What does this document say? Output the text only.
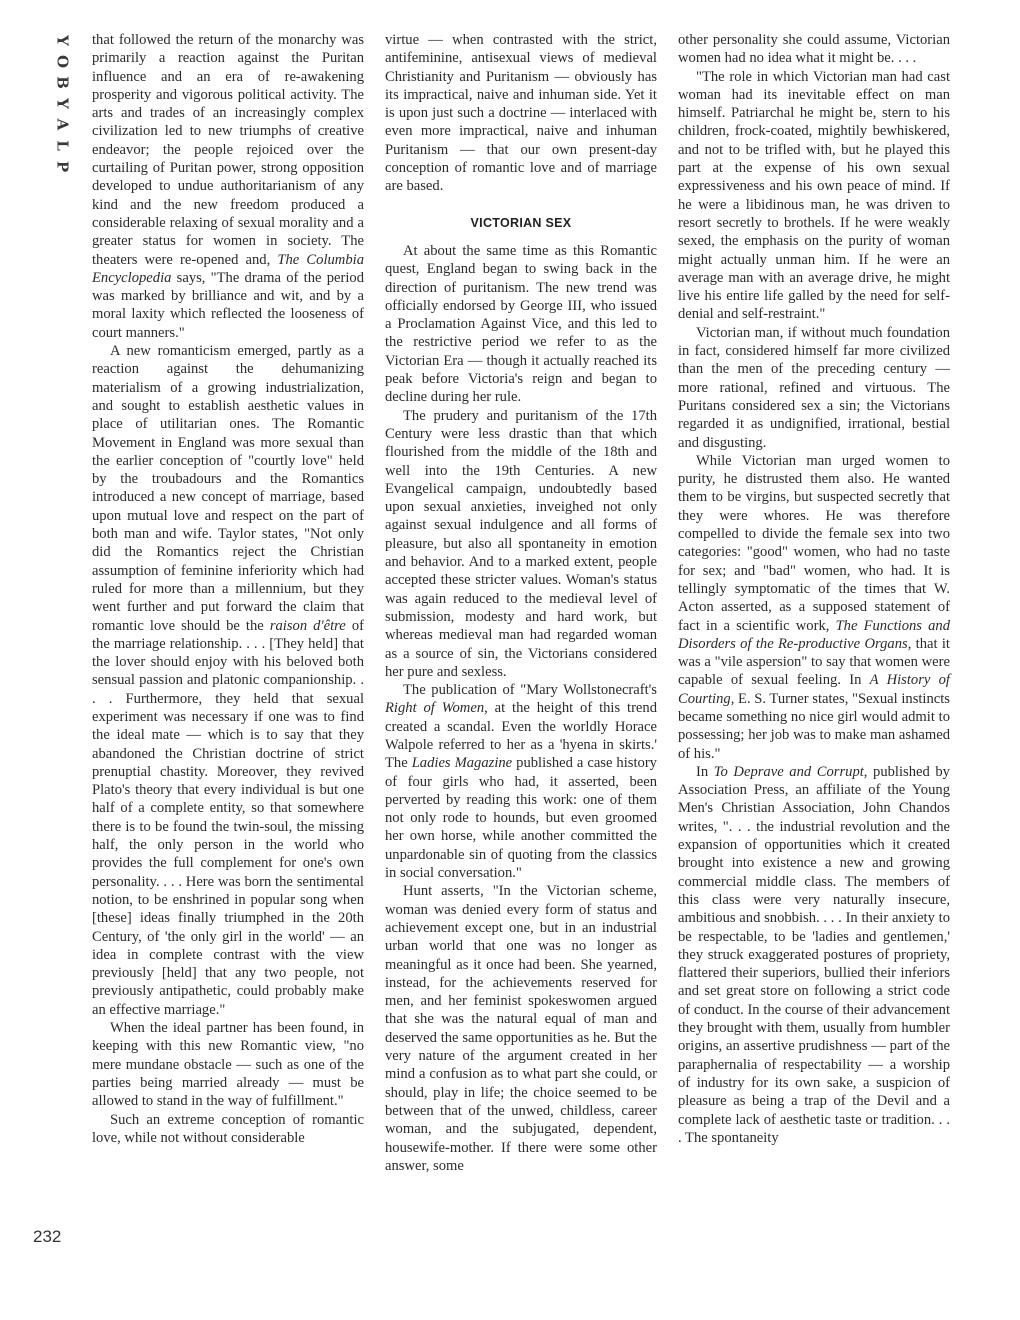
Y
O
B
Y
A
L
P
232

that followed the return of the monarchy was primarily a reaction against the Puritan influence and an era of re-awakening prosperity and vigorous political activity. The arts and trades of an increasingly complex civilization led to new triumphs of creative endeavor; the people rejoiced over the curtailing of Puritan power, strong opposition developed to undue authoritarianism of any kind and the new freedom produced a considerable relaxing of sexual morality and a greater status for women in society. The theaters were re-opened and, The Columbia Encyclopedia says, "The drama of the period was marked by brilliance and wit, and by a moral laxity which reflected the looseness of court manners."

A new romanticism emerged, partly as a reaction against the dehumanizing materialism of a growing industrialization, and sought to establish aesthetic values in place of utilitarian ones. The Romantic Movement in England was more sexual than the earlier conception of "courtly love" held by the troubadours and the Romantics introduced a new concept of marriage, based upon mutual love and respect on the part of both man and wife. Taylor states, "Not only did the Romantics reject the Christian assumption of feminine inferiority which had ruled for more than a millennium, but they went further and put forward the claim that romantic love should be the raison d'être of the marriage relationship. . . . [They held] that the lover should enjoy with his beloved both sensual passion and platonic companionship. . . . Furthermore, they held that sexual experiment was necessary if one was to find the ideal mate — which is to say that they abandoned the Christian doctrine of strict prenuptial chastity. Moreover, they revived Plato's theory that every individual is but one half of a complete entity, so that somewhere there is to be found the twin-soul, the missing half, the only person in the world who provides the full complement for one's own personality. . . . Here was born the sentimental notion, to be enshrined in popular song when [these] ideas finally triumphed in the 20th Century, of 'the only girl in the world' — an idea in complete contrast with the view previously [held] that any two people, not previously antipathetic, could probably make an effective marriage."

When the ideal partner has been found, in keeping with this new Romantic view, "no mere mundane obstacle — such as one of the parties being married already — must be allowed to stand in the way of fulfillment."

Such an extreme conception of romantic love, while not without considerable

virtue — when contrasted with the strict, antifeminine, antisexual views of medieval Christianity and Puritanism — obviously has its impractical, naive and inhuman side. Yet it is upon just such a doctrine — interlaced with even more impractical, naive and inhuman Puritanism — that our own present-day conception of romantic love and of marriage are based.

VICTORIAN SEX

At about the same time as this Romantic quest, England began to swing back in the direction of puritanism. The new trend was officially endorsed by George III, who issued a Proclamation Against Vice, and this led to the restrictive period we refer to as the Victorian Era — though it actually reached its peak before Victoria's reign and began to decline during her rule.

The prudery and puritanism of the 17th Century were less drastic than that which flourished from the middle of the 18th and well into the 19th Centuries. A new Evangelical campaign, undoubtedly based upon sexual anxieties, inveighed not only against sexual indulgence and all forms of pleasure, but also all spontaneity in emotion and behavior. And to a marked extent, people accepted these stricter values. Woman's status was again reduced to the medieval level of submission, modesty and hard work, but whereas medieval man had regarded woman as a source of sin, the Victorians considered her pure and sexless.

The publication of "Mary Wollstonecraft's Right of Women, at the height of this trend created a scandal. Even the worldly Horace Walpole referred to her as a 'hyena in skirts.' The Ladies Magazine published a case history of four girls who had, it asserted, been perverted by reading this work: one of them not only rode to hounds, but even groomed her own horse, while another committed the unpardonable sin of quoting from the classics in social conversation."

Hunt asserts, "In the Victorian scheme, woman was denied every form of status and achievement except one, but in an industrial urban world that one was no longer as meaningful as it once had been. She yearned, instead, for the achievements reserved for men, and her feminist spokeswomen argued that she was the natural equal of man and deserved the same opportunities as he. But the very nature of the argument created in her mind a confusion as to what part she could, or should, play in life; the choice seemed to be between that of the unwed, childless, career woman, and the subjugated, dependent, housewife-mother. If there were some other answer, some

other personality she could assume, Victorian women had no idea what it might be. . . .

"The role in which Victorian man had cast woman had its inevitable effect on man himself. Patriarchal he might be, stern to his children, frock-coated, mightily bewhiskered, and not to be trifled with, but he played this part at the expense of his own sexual expressiveness and his own peace of mind. If he were a libidinous man, he was driven to resort secretly to brothels. If he were weakly sexed, the emphasis on the purity of woman might actually unman him. If he were an average man with an average drive, he might live his entire life galled by the need for self-denial and self-restraint."

Victorian man, if without much foundation in fact, considered himself far more civilized than the men of the preceding century — more rational, refined and virtuous. The Puritans considered sex a sin; the Victorians regarded it as undignified, irrational, bestial and disgusting.

While Victorian man urged women to purity, he distrusted them also. He wanted them to be virgins, but suspected secretly that they were whores. He was therefore compelled to divide the female sex into two categories: "good" women, who had no taste for sex; and "bad" women, who had. It is tellingly symptomatic of the times that W. Acton asserted, as a supposed statement of fact in a scientific work, The Functions and Disorders of the Re-productive Organs, that it was a "vile aspersion" to say that women were capable of sexual feeling. In A History of Courting, E. S. Turner states, "Sexual instincts became something no nice girl would admit to possessing; her job was to make man ashamed of his."

In To Deprave and Corrupt, published by Association Press, an affiliate of the Young Men's Christian Association, John Chandos writes, ". . . the industrial revolution and the expansion of opportunities which it created brought into existence a new and growing commercial middle class. The members of this class were very naturally insecure, ambitious and snobbish. . . . In their anxiety to be respectable, to be 'ladies and gentlemen,' they struck exaggerated postures of propriety, flattered their superiors, bullied their inferiors and set great store on following a strict code of conduct. In the course of their advancement they brought with them, usually from humbler origins, an assertive prudishness — part of the paraphernalia of respectability — a worship of industry for its own sake, a suspicion of pleasure as being a trap of the Devil and a complete lack of aesthetic taste or tradition. . . . The spontaneity
